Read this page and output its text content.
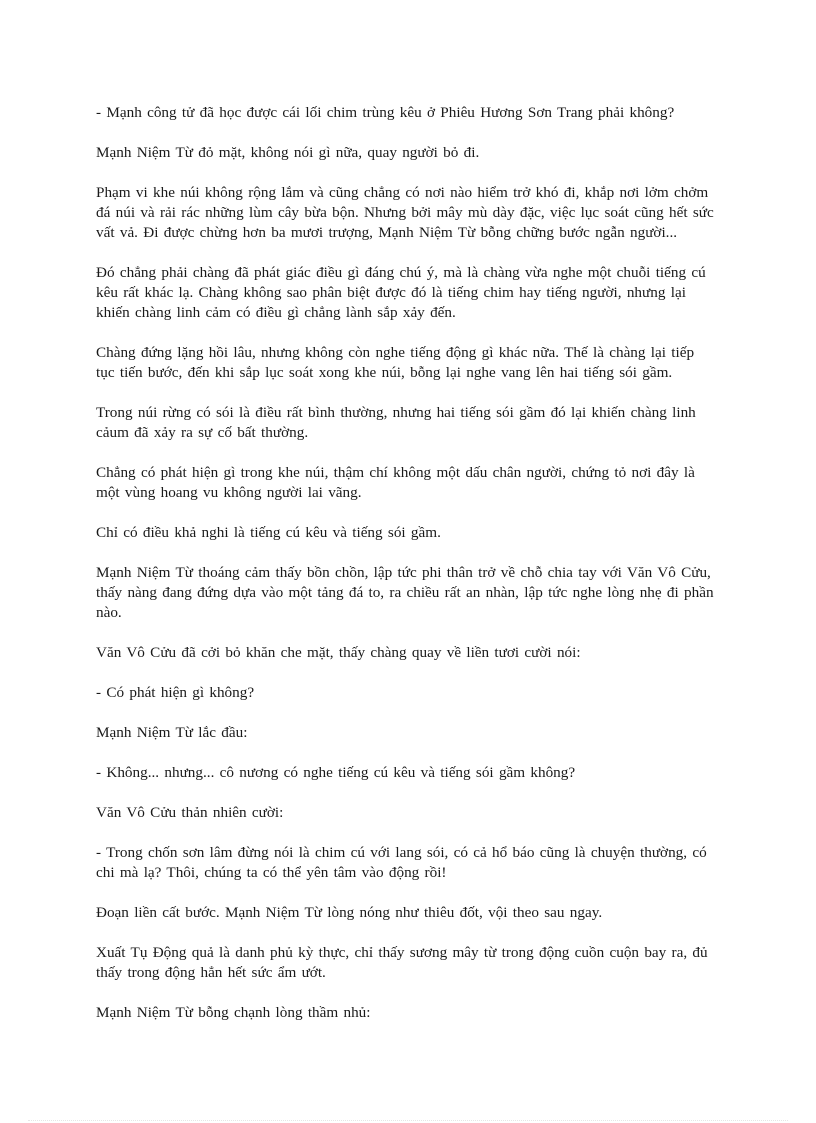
- Mạnh công tử đã học được cái lối chim trùng kêu ở Phiêu Hương Sơn Trang phải không?

Mạnh Niệm Từ đỏ mặt, không nói gì nữa, quay người bỏ đi.

Phạm vi khe núi không rộng lắm và cũng chẳng có nơi nào hiểm trở khó đi, khắp nơi lởm chởm đá núi và rải rác những lùm cây bừa bộn. Nhưng bởi mây mù dày đặc, việc lục soát cũng hết sức vất vả. Đi được chừng hơn ba mươi trượng, Mạnh Niệm Từ bỗng chững bước ngẫn người...

Đó chẳng phải chàng đã phát giác điều gì đáng chú ý, mà là chàng vừa nghe một chuỗi tiếng cú kêu rất khác lạ. Chàng không sao phân biệt được đó là tiếng chim hay tiếng người, nhưng lại khiến chàng linh cảm có điều gì chẳng lành sắp xảy đến.

Chàng đứng lặng hồi lâu, nhưng không còn nghe tiếng động gì khác nữa. Thế là chàng lại tiếp tục tiến bước, đến khi sắp lục soát xong khe núi, bỗng lại nghe vang lên hai tiếng sói gầm.

Trong núi rừng có sói là điều rất bình thường, nhưng hai tiếng sói gầm đó lại khiến chàng linh cảum đã xảy ra sự cố bất thường.

Chẳng có phát hiện gì trong khe núi, thậm chí không một dấu chân người, chứng tỏ nơi đây là một vùng hoang vu không người lai vãng.

Chỉ có điều khả nghi là tiếng cú kêu và tiếng sói gầm.

Mạnh Niệm Từ thoáng cảm thấy bồn chồn, lập tức phi thân trở về chỗ chia tay với Văn Vô Cửu, thấy nàng đang đứng dựa vào một tảng đá to, ra chiều rất an nhàn, lập tức nghe lòng nhẹ đi phần nào.

Văn Vô Cửu đã cởi bỏ khăn che mặt, thấy chàng quay về liền tươi cười nói:

- Có phát hiện gì không?

Mạnh Niệm Từ lắc đầu:

- Không... nhưng... cô nương có nghe tiếng cú kêu và tiếng sói gầm không?

Văn Vô Cửu thản nhiên cười:

- Trong chốn sơn lâm đừng nói là chim cú với lang sói, có cả hổ báo cũng là chuyện thường, có chi mà lạ? Thôi, chúng ta có thể yên tâm vào động rồi!

Đoạn liền cất bước. Mạnh Niệm Từ lòng nóng như thiêu đốt, vội theo sau ngay.

Xuất Tụ Động quả là danh phủ kỳ thực, chỉ thấy sương mây từ trong động cuồn cuộn bay ra, đủ thấy trong động hẳn hết sức ẩm ướt.

Mạnh Niệm Từ bỗng chạnh lòng thầm nhủ:
